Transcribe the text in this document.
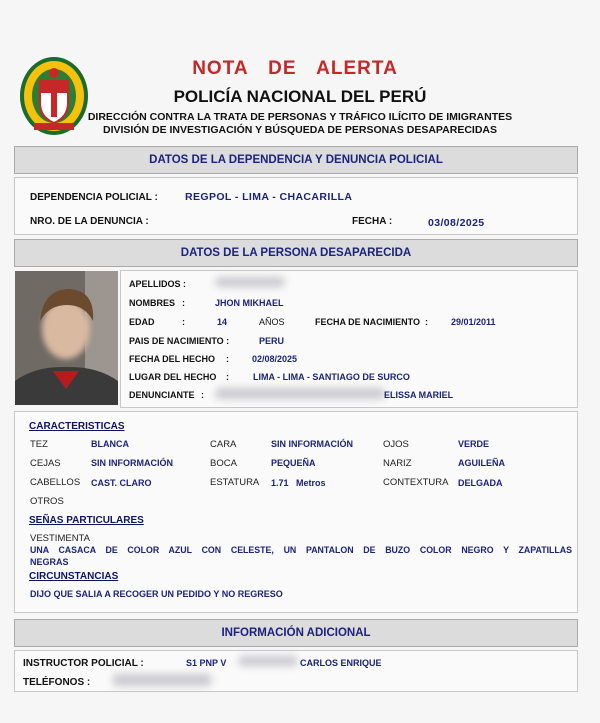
NOTA DE ALERTA
POLICÍA NACIONAL DEL PERÚ
DIRECCIÓN CONTRA LA TRATA DE PERSONAS Y TRÁFICO ILÍCITO DE IMIGRANTES
DIVISIÓN DE INVESTIGACIÓN Y BÚSQUEDA DE PERSONAS DESAPARECIDAS
DATOS DE LA DEPENDENCIA Y DENUNCIA POLICIAL
DEPENDENCIA POLICIAL :	REGPOL - LIMA - CHACARILLA
NRO. DE LA DENUNCIA :	FECHA :	03/08/2025
DATOS DE LA PERSONA DESAPARECIDA
APELLIDOS :
NOMBRES :	JHON MIKHAEL
EDAD	:	14	AÑOS	FECHA DE NACIMIENTO :	29/01/2011
PAIS DE NACIMIENTO :	PERU
FECHA DEL HECHO :	02/08/2025
LUGAR DEL HECHO :	LIMA - LIMA - SANTIAGO DE SURCO
DENUNCIANTE :	ELISSA MARIEL
CARACTERISTICAS
TEZ	BLANCA	CARA	SIN INFORMACIÓN	OJOS	VERDE
CEJAS	SIN INFORMACIÓN	BOCA	PEQUEÑA	NARIZ	AGUILEÑA
CABELLOS CAST. CLARO	ESTATURA 1.71   Metros	CONTEXTURA DELGADA
OTROS
SEÑAS PARTICULARES
VESTIMENTA
UNA CASACA DE COLOR AZUL CON CELESTE, UN PANTALON DE BUZO COLOR NEGRO Y ZAPATILLAS
NEGRAS
CIRCUNSTANCIAS
DIJO QUE SALIA A RECOGER UN PEDIDO Y NO REGRESO
INFORMACIÓN ADICIONAL
INSTRUCTOR POLICIAL :	S1 PNP V	CARLOS ENRIQUE
TELÉFONOS :
